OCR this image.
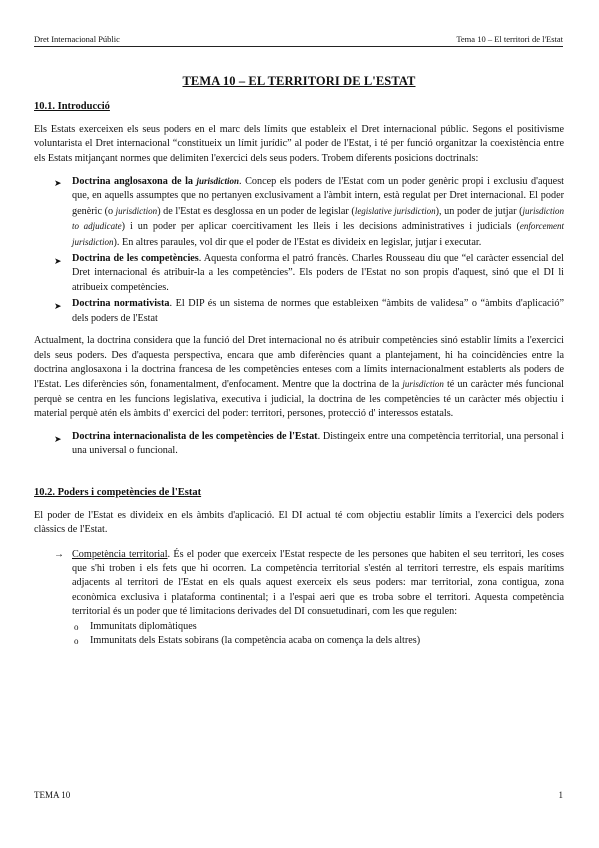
Dret Internacional Públic	Tema 10 – El territori de l'Estat
TEMA 10 – EL TERRITORI DE L'ESTAT
10.1. Introducció

Els Estats exerceixen els seus poders en el marc dels límits que estableix el Dret internacional públic. Segons el positivisme voluntarista el Dret internacional “constitueix un límit jurídic” al poder de l'Estat, i té per funció organitzar la coexistència entre els Estats mitjançant normes que delimiten l'exercici dels seus poders. Trobem diferents posicions doctrinals:

➤ Doctrina anglosaxona de la jurisdiction. Concep els poders de l'Estat com un poder genèric propi i exclusiu d'aquest que, en aquells assumptes que no pertanyen exclusivament a l'àmbit intern, està regulat per Dret internacional. El poder genèric (o jurisdiction) de l'Estat es desglossa en un poder de legislar (legislative jurisdiction), un poder de jutjar (jurisdiction to adjudicate) i un poder per aplicar coercitivament les lleis i les decisions administratives i judicials (enforcement jurisdiction). En altres paraules, vol dir que el poder de l'Estat es divideix en legislar, jutjar i executar.
➤ Doctrina de les competències. Aquesta conforma el patró francès. Charles Rousseau diu que “el caràcter essencial del Dret internacional és atribuir-la a les competències”. Els poders de l'Estat no son propis d'aquest, sinó que el DI li atribueix competències.
➤ Doctrina normativista. El DIP és un sistema de normes que estableixen “àmbits de validesa” o “àmbits d'aplicació” dels poders de l'Estat

Actualment, la doctrina considera que la funció del Dret internacional no és atribuir competències sinó establir límits a l'exercici dels seus poders. Des d'aquesta perspectiva, encara que amb diferències quant a plantejament, hi ha coincidències entre la doctrina anglosaxona i la doctrina francesa de les competències enteses com a límits internacionalment establerts als poders de l'Estat. Les diferències són, fonamentalment, d'enfocament. Mentre que la doctrina de la jurisdiction té un caràcter més funcional perquè se centra en les funcions legislativa, executiva i judicial, la doctrina de les competències té un caràcter més objectiu i material perquè atén els àmbits d' exercici del poder: territori, persones, protecció d' interessos estatals.

➤ Doctrina internacionalista de les competències de l'Estat. Distingeix entre una competència territorial, una personal i una universal o funcional.
10.2. Poders i competències de l'Estat

El poder de l'Estat es divideix en els àmbits d'aplicació. El DI actual té com objectiu establir límits a l'exercici dels poders clàssics de l'Estat.

→ Competència territorial. És el poder que exerceix l'Estat respecte de les persones que habiten el seu territori, les coses que s'hi troben i els fets que hi ocorren. La competència territorial s'estén al territori terrestre, els espais marítims adjacents al territori de l'Estat en els quals aquest exerceix els seus poders: mar territorial, zona contigua, zona econòmica exclusiva i plataforma continental; i a l'espai aeri que es troba sobre el territori. Aquesta competència territorial és un poder que té limitacions derivades del DI consuetudinari, com les que regulen:
o Immunitats diplomàtiques
o Immunitats dels Estats sobirans (la competència acaba on comença la dels altres)
TEMA 10	1
